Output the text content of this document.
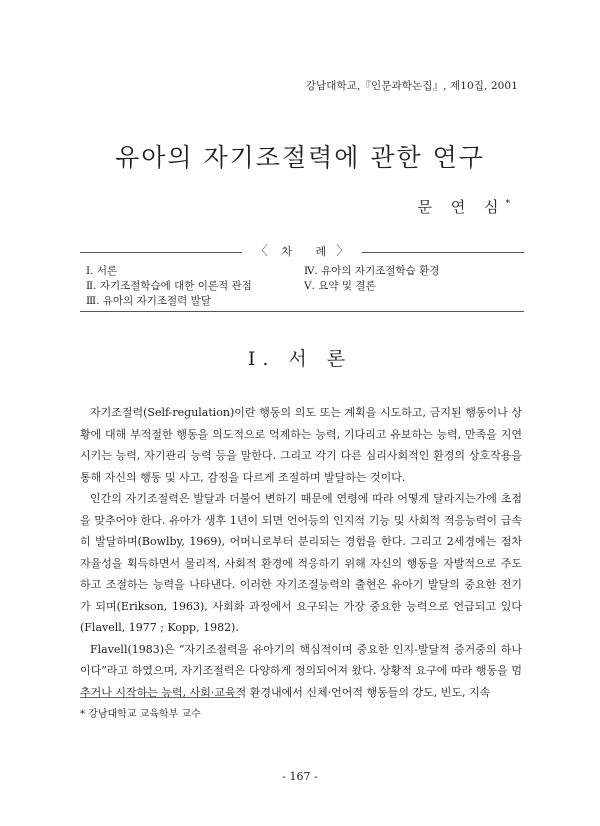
강남대학교,『인문과학논집』, 제10집, 2001
유아의 자기조절력에 관한 연구
문 연 심*
〈 차 례〉
Ⅰ. 서론
Ⅱ. 자기조절학습에 대한 이론적 관점
Ⅲ. 유아의 자기조절력 발달
Ⅳ. 유아의 자기조절학습 환경
Ⅴ. 요약 및 결론
Ⅰ. 서 론

자기조절력(Self-regulation)이란 행동의 의도 또는 계획을 시도하고, 금지된 행동이나 상황에 대해 부적절한 행동을 의도적으로 억제하는 능력, 기다리고 유보하는 능력, 만족을 지연시키는 능력, 자기관리 능력 등을 말한다. 그리고 각기 다른 심리사회적인 환경의 상호작용을 통해 자신의 행동 및 사고, 감정을 다르게 조절하며 발달하는 것이다.

인간의 자기조절력은 발달과 더불어 변하기 때문에 연령에 따라 어떻게 달라지는가에 초점을 맞추어야 한다. 유아가 생후 1년이 되면 언어등의 인지적 기능 및 사회적 적응능력이 급속히 발달하며(Bowlby, 1969), 어머니로부터 분리되는 경험을 한다. 그리고 2세경에는 점차 자율성을 획득하면서 물리적, 사회적 환경에 적응하기 위해 자신의 행동을 자발적으로 주도하고 조절하는 능력을 나타낸다. 이러한 자기조절능력의 출현은 유아기 발달의 중요한 전기가 되며(Erikson, 1963), 사회화 과정에서 요구되는 가장 중요한 능력으로 언급되고 있다(Flavell, 1977 ; Kopp, 1982).

Flavell(1983)은 “자기조절력을 유아기의 핵심적이며 중요한 인지-발달적 증거중의 하나이다”라고 하였으며, 자기조절력은 다양하게 정의되어져 왔다. 상황적 요구에 따라 행동을 멈추거나 시작하는 능력, 사회·교육적 환경내에서 신체·언어적 행동들의 강도, 빈도, 지속

* 강남대학교 교육학부 교수
- 167 -
